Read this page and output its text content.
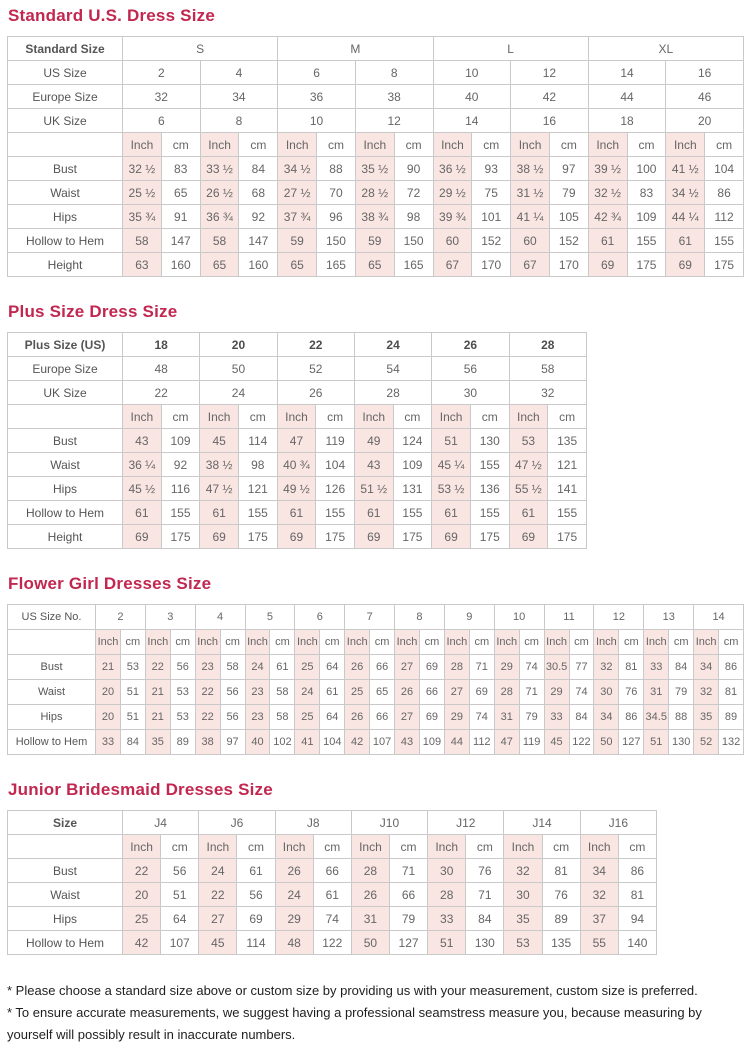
Standard U.S. Dress Size
Standard Size	S				M				L				XL			
US Size	2		4		6		8		10		12		14		16	
Europe Size	32		34		36		38		40		42		44		46	
UK Size	6		8		10		12		14		16		18		20	
	Inch	cm	Inch	cm	Inch	cm	Inch	cm	Inch	cm	Inch	cm	Inch	cm	Inch	cm
Bust	32 ½	83	33 ½	84	34 ½	88	35 ½	90	36 ½	93	38 ½	97	39 ½	100	41 ½	104
Waist	25 ½	65	26 ½	68	27 ½	70	28 ½	72	29 ½	75	31 ½	79	32 ½	83	34 ½	86
Hips	35 ¾	91	36 ¾	92	37 ¾	96	38 ¾	98	39 ¾	101	41 ¼	105	42 ¾	109	44 ¼	112
Hollow to Hem	58	147	58	147	59	150	59	150	60	152	60	152	61	155	61	155
Height	63	160	65	160	65	165	65	165	67	170	67	170	69	175	69	175
Plus Size Dress Size
Plus Size (US)	18		20		22		24		26		28	
Europe Size	48		50		52		54		56		58	
UK Size	22		24		26		28		30		32	
	Inch	cm	Inch	cm	Inch	cm	Inch	cm	Inch	cm	Inch	cm
Bust	43	109	45	114	47	119	49	124	51	130	53	135
Waist	36 ¼	92	38 ½	98	40 ¾	104	43	109	45 ¼	155	47 ½	121
Hips	45 ½	116	47 ½	121	49 ½	126	51 ½	131	53 ½	136	55 ½	141
Hollow to Hem	61	155	61	155	61	155	61	155	61	155	61	155
Height	69	175	69	175	69	175	69	175	69	175	69	175
Flower Girl Dresses Size
US Size No.	2		3		4		5		6		7		8		9		10		11		12		13		14	
	Inch	cm	Inch	cm	Inch	cm	Inch	cm	Inch	cm	Inch	cm	Inch	cm	Inch	cm	Inch	cm	Inch	cm	Inch	cm	Inch	cm	Inch	cm
Bust	21	53	22	56	23	58	24	61	25	64	26	66	27	69	28	71	29	74	30.5	77	32	81	33	84	34	86
Waist	20	51	21	53	22	56	23	58	24	61	25	65	26	66	27	69	28	71	29	74	30	76	31	79	32	81
Hips	20	51	21	53	22	56	23	58	25	64	26	66	27	69	29	74	31	79	33	84	34	86	34.5	88	35	89
Hollow to Hem	33	84	35	89	38	97	40	102	41	104	42	107	43	109	44	112	47	119	45	122	50	127	51	130	52	132
Junior Bridesmaid Dresses Size
Size	J4		J6		J8		J10		J12		J14		J16	
	Inch	cm	Inch	cm	Inch	cm	Inch	cm	Inch	cm	Inch	cm	Inch	cm
Bust	22	56	24	61	26	66	28	71	30	76	32	81	34	86
Waist	20	51	22	56	24	61	26	66	28	71	30	76	32	81
Hips	25	64	27	69	29	74	31	79	33	84	35	89	37	94
Hollow to Hem	42	107	45	114	48	122	50	127	51	130	53	135	55	140

* Please choose a standard size above or custom size by providing us with your measurement, custom size is preferred.

* To ensure accurate measurements, we suggest having a professional seamstress measure you, because measuring by yourself will possibly result in inaccurate numbers.
